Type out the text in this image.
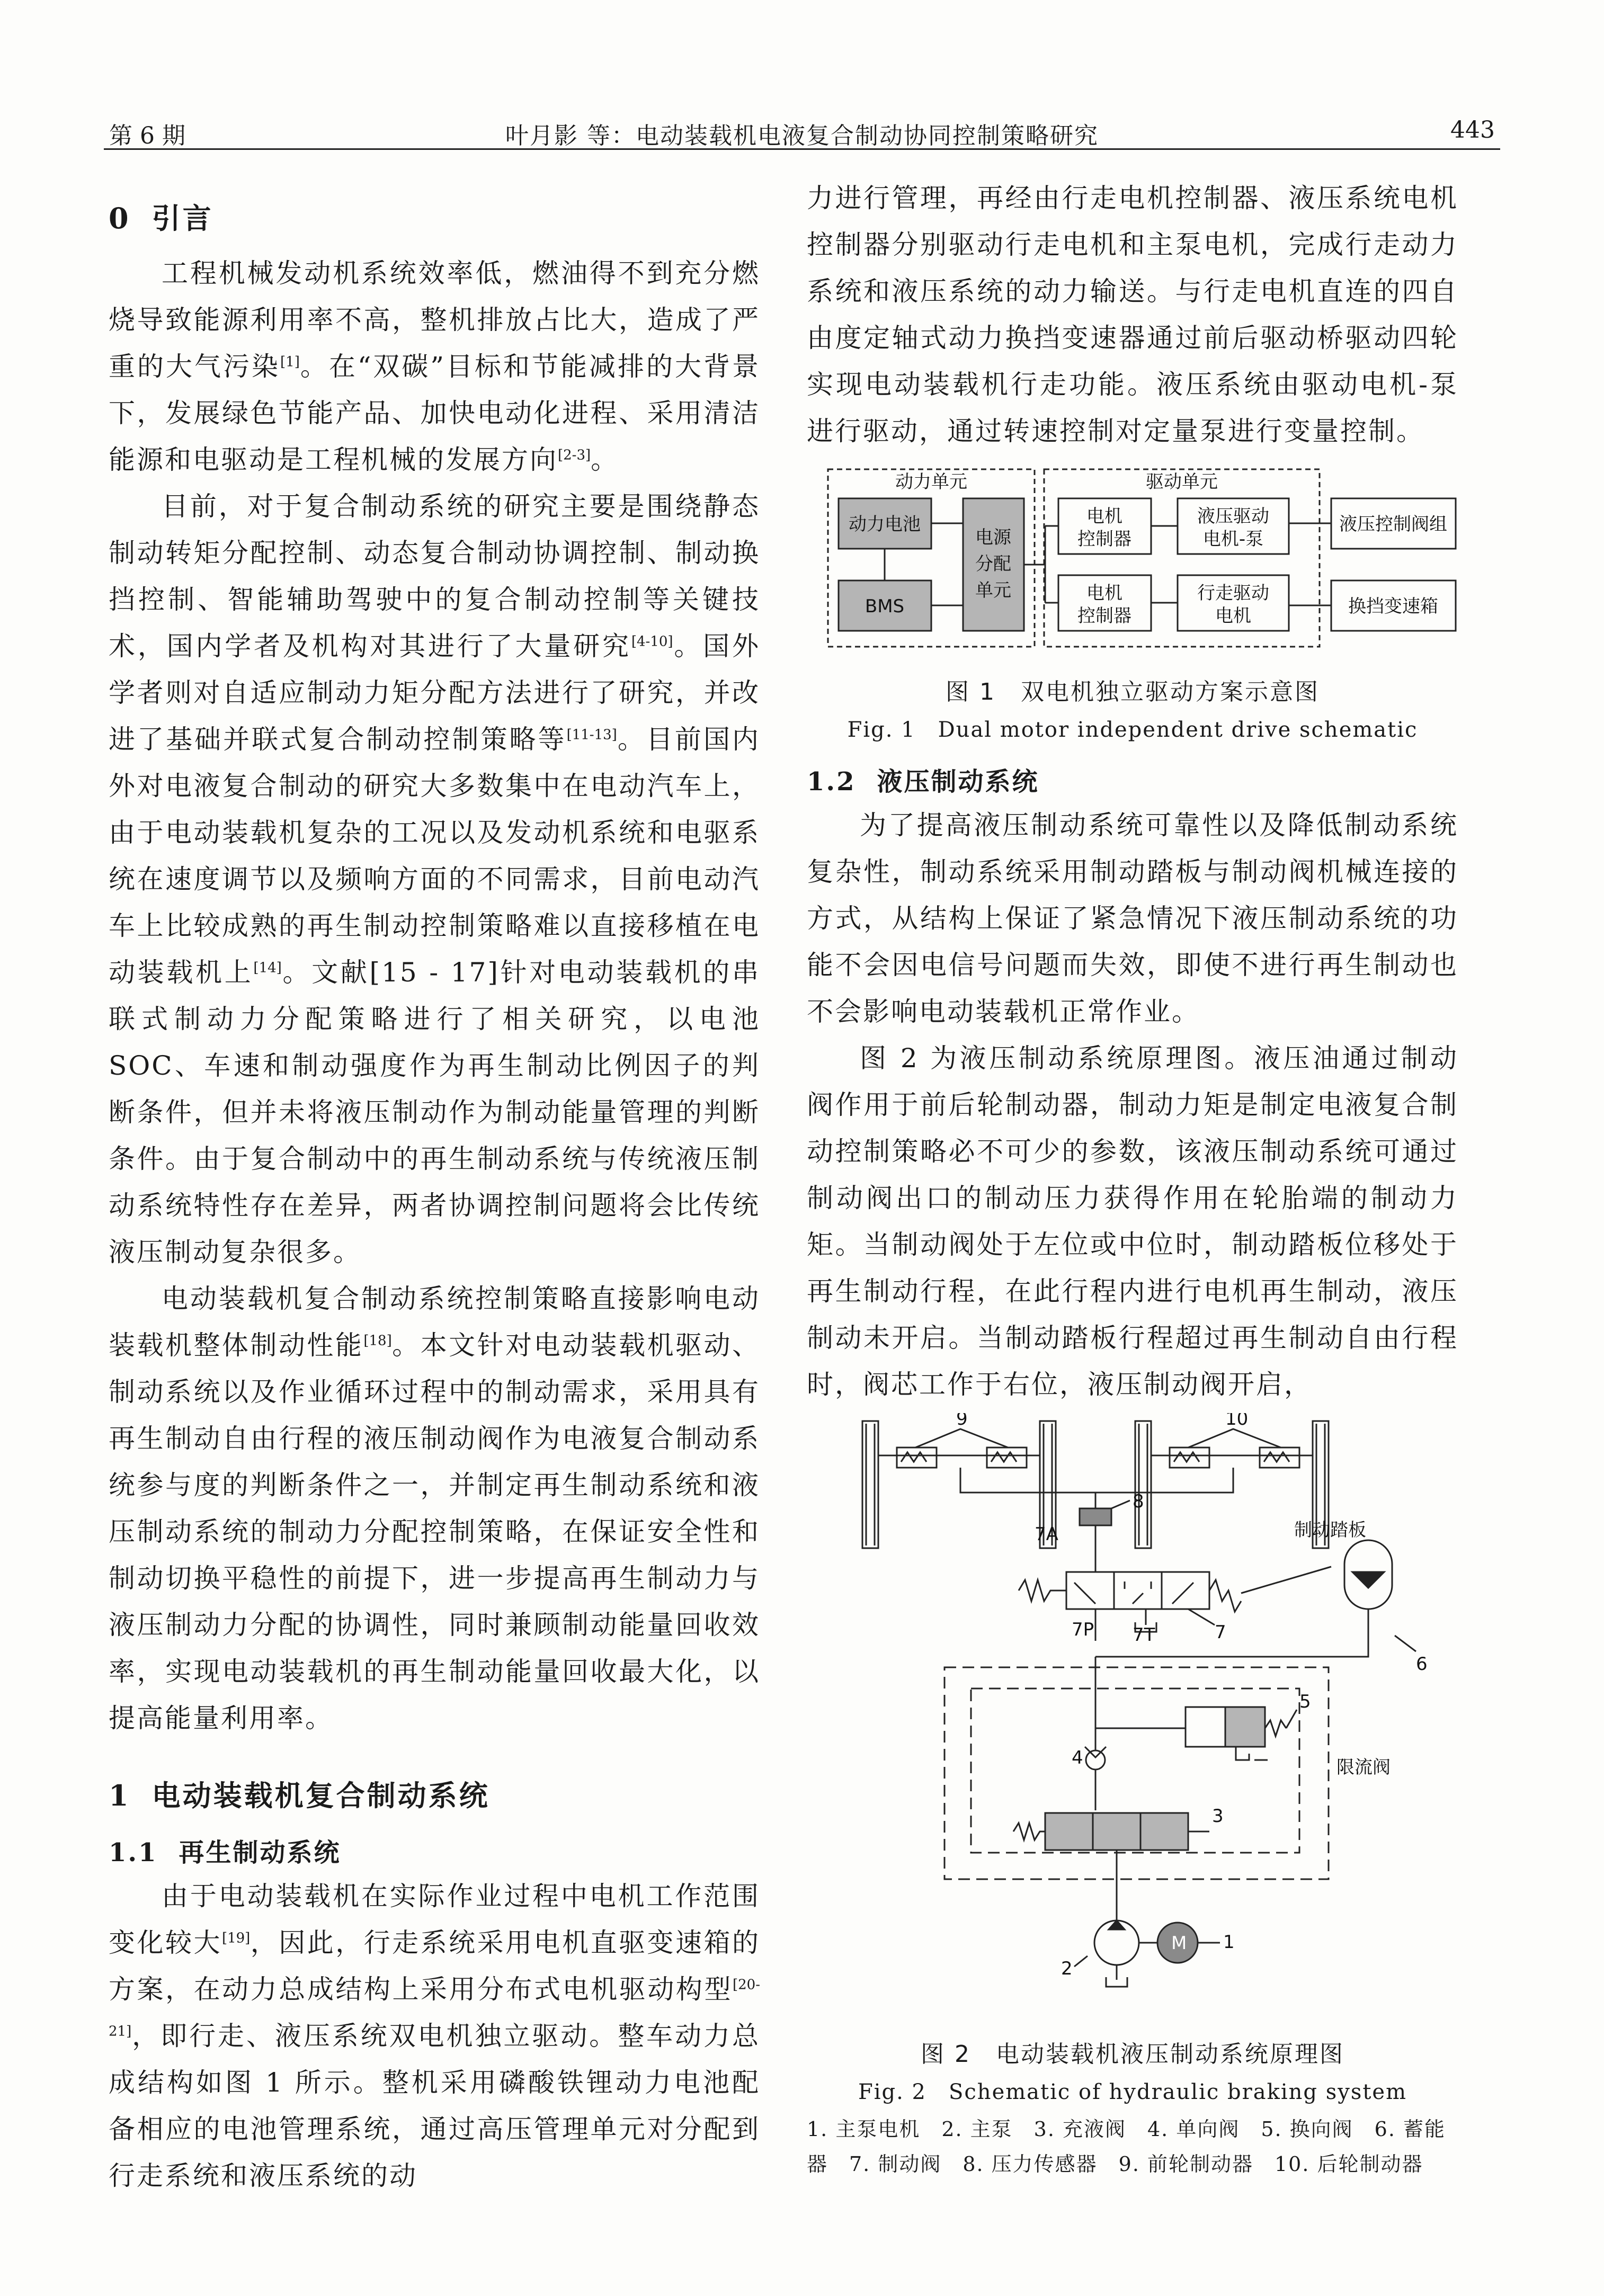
第 6 期	叶月影 等：电动装载机电液复合制动协同控制策略研究	443
0 引言

工程机械发动机系统效率低，燃油得不到充分燃烧导致能源利用率不高，整机排放占比大，造成了严重的大气污染[1]。在“双碳”目标和节能减排的大背景下，发展绿色节能产品、加快电动化进程、采用清洁能源和电驱动是工程机械的发展方向[2-3]。

目前，对于复合制动系统的研究主要是围绕静态制动转矩分配控制、动态复合制动协调控制、制动换挡控制、智能辅助驾驶中的复合制动控制等关键技术，国内学者及机构对其进行了大量研究[4-10]。国外学者则对自适应制动力矩分配方法进行了研究，并改进了基础并联式复合制动控制策略等[11-13]。目前国内外对电液复合制动的研究大多数集中在电动汽车上，由于电动装载机复杂的工况以及发动机系统和电驱系统在速度调节以及频响方面的不同需求，目前电动汽车上比较成熟的再生制动控制策略难以直接移植在电动装载机上[14]。文献[15 - 17]针对电动装载机的串联式制动力分配策略进行了相关研究，以电池 SOC、车速和制动强度作为再生制动比例因子的判断条件，但并未将液压制动作为制动能量管理的判断条件。由于复合制动中的再生制动系统与传统液压制动系统特性存在差异，两者协调控制问题将会比传统液压制动复杂很多。

电动装载机复合制动系统控制策略直接影响电动装载机整体制动性能[18]。本文针对电动装载机驱动、制动系统以及作业循环过程中的制动需求，采用具有再生制动自由行程的液压制动阀作为电液复合制动系统参与度的判断条件之一，并制定再生制动系统和液压制动系统的制动力分配控制策略，在保证安全性和制动切换平稳性的前提下，进一步提高再生制动力与液压制动力分配的协调性，同时兼顾制动能量回收效率，实现电动装载机的再生制动能量回收最大化，以提高能量利用率。

1 电动装载机复合制动系统
1.1 再生制动系统

由于电动装载机在实际作业过程中电机工作范围变化较大[19]，因此，行走系统采用电机直驱变速箱的方案，在动力总成结构上采用分布式电机驱动构型[20-21]，即行走、液压系统双电机独立驱动。整车动力总成结构如图 1 所示。整机采用磷酸铁锂动力电池配备相应的电池管理系统，通过高压管理单元对分配到行走系统和液压系统的动

力进行管理，再经由行走电机控制器、液压系统电机控制器分别驱动行走电机和主泵电机，完成行走动力系统和液压系统的动力输送。与行走电机直连的四自由度定轴式动力换挡变速器通过前后驱动桥驱动四轮实现电动装载机行走功能。液压系统由驱动电机-泵进行驱动，通过转速控制对定量泵进行变量控制。

动力单元	驱动单元
动力电池
BMS
电源
分配
单元
电机
控制器
电机
控制器
液压驱动
电机-泵
行走驱动
电机
液压控制阀组
换挡变速箱
图 1　双电机独立驱动方案示意图
Fig. 1　Dual motor independent drive schematic
1.2 液压制动系统

为了提高液压制动系统可靠性以及降低制动系统复杂性，制动系统采用制动踏板与制动阀机械连接的方式，从结构上保证了紧急情况下液压制动系统的功能不会因电信号问题而失效，即使不进行再生制动也不会影响电动装载机正常作业。

图 2 为液压制动系统原理图。液压油通过制动阀作用于前后轮制动器，制动力矩是制定电液复合制动控制策略必不可少的参数，该液压制动系统可通过制动阀出口的制动压力获得作用在轮胎端的制动力矩。当制动阀处于左位或中位时，制动踏板位移处于再生制动行程，在此行程内进行电机再生制动，液压制动未开启。当制动踏板行程超过再生制动自由行程时，阀芯工作于右位，液压制动阀开启，

9	10
8
7A	制动踏板
7P 7T	7
6
5
4	限流阀
3
1
2
M
图 2　电动装载机液压制动系统原理图
Fig. 2　Schematic of hydraulic braking system
1. 主泵电机　2. 主泵　3. 充液阀　4. 单向阀　5. 换向阀　6. 蓄能器　7. 制动阀　8. 压力传感器　9. 前轮制动器　10. 后轮制动器
